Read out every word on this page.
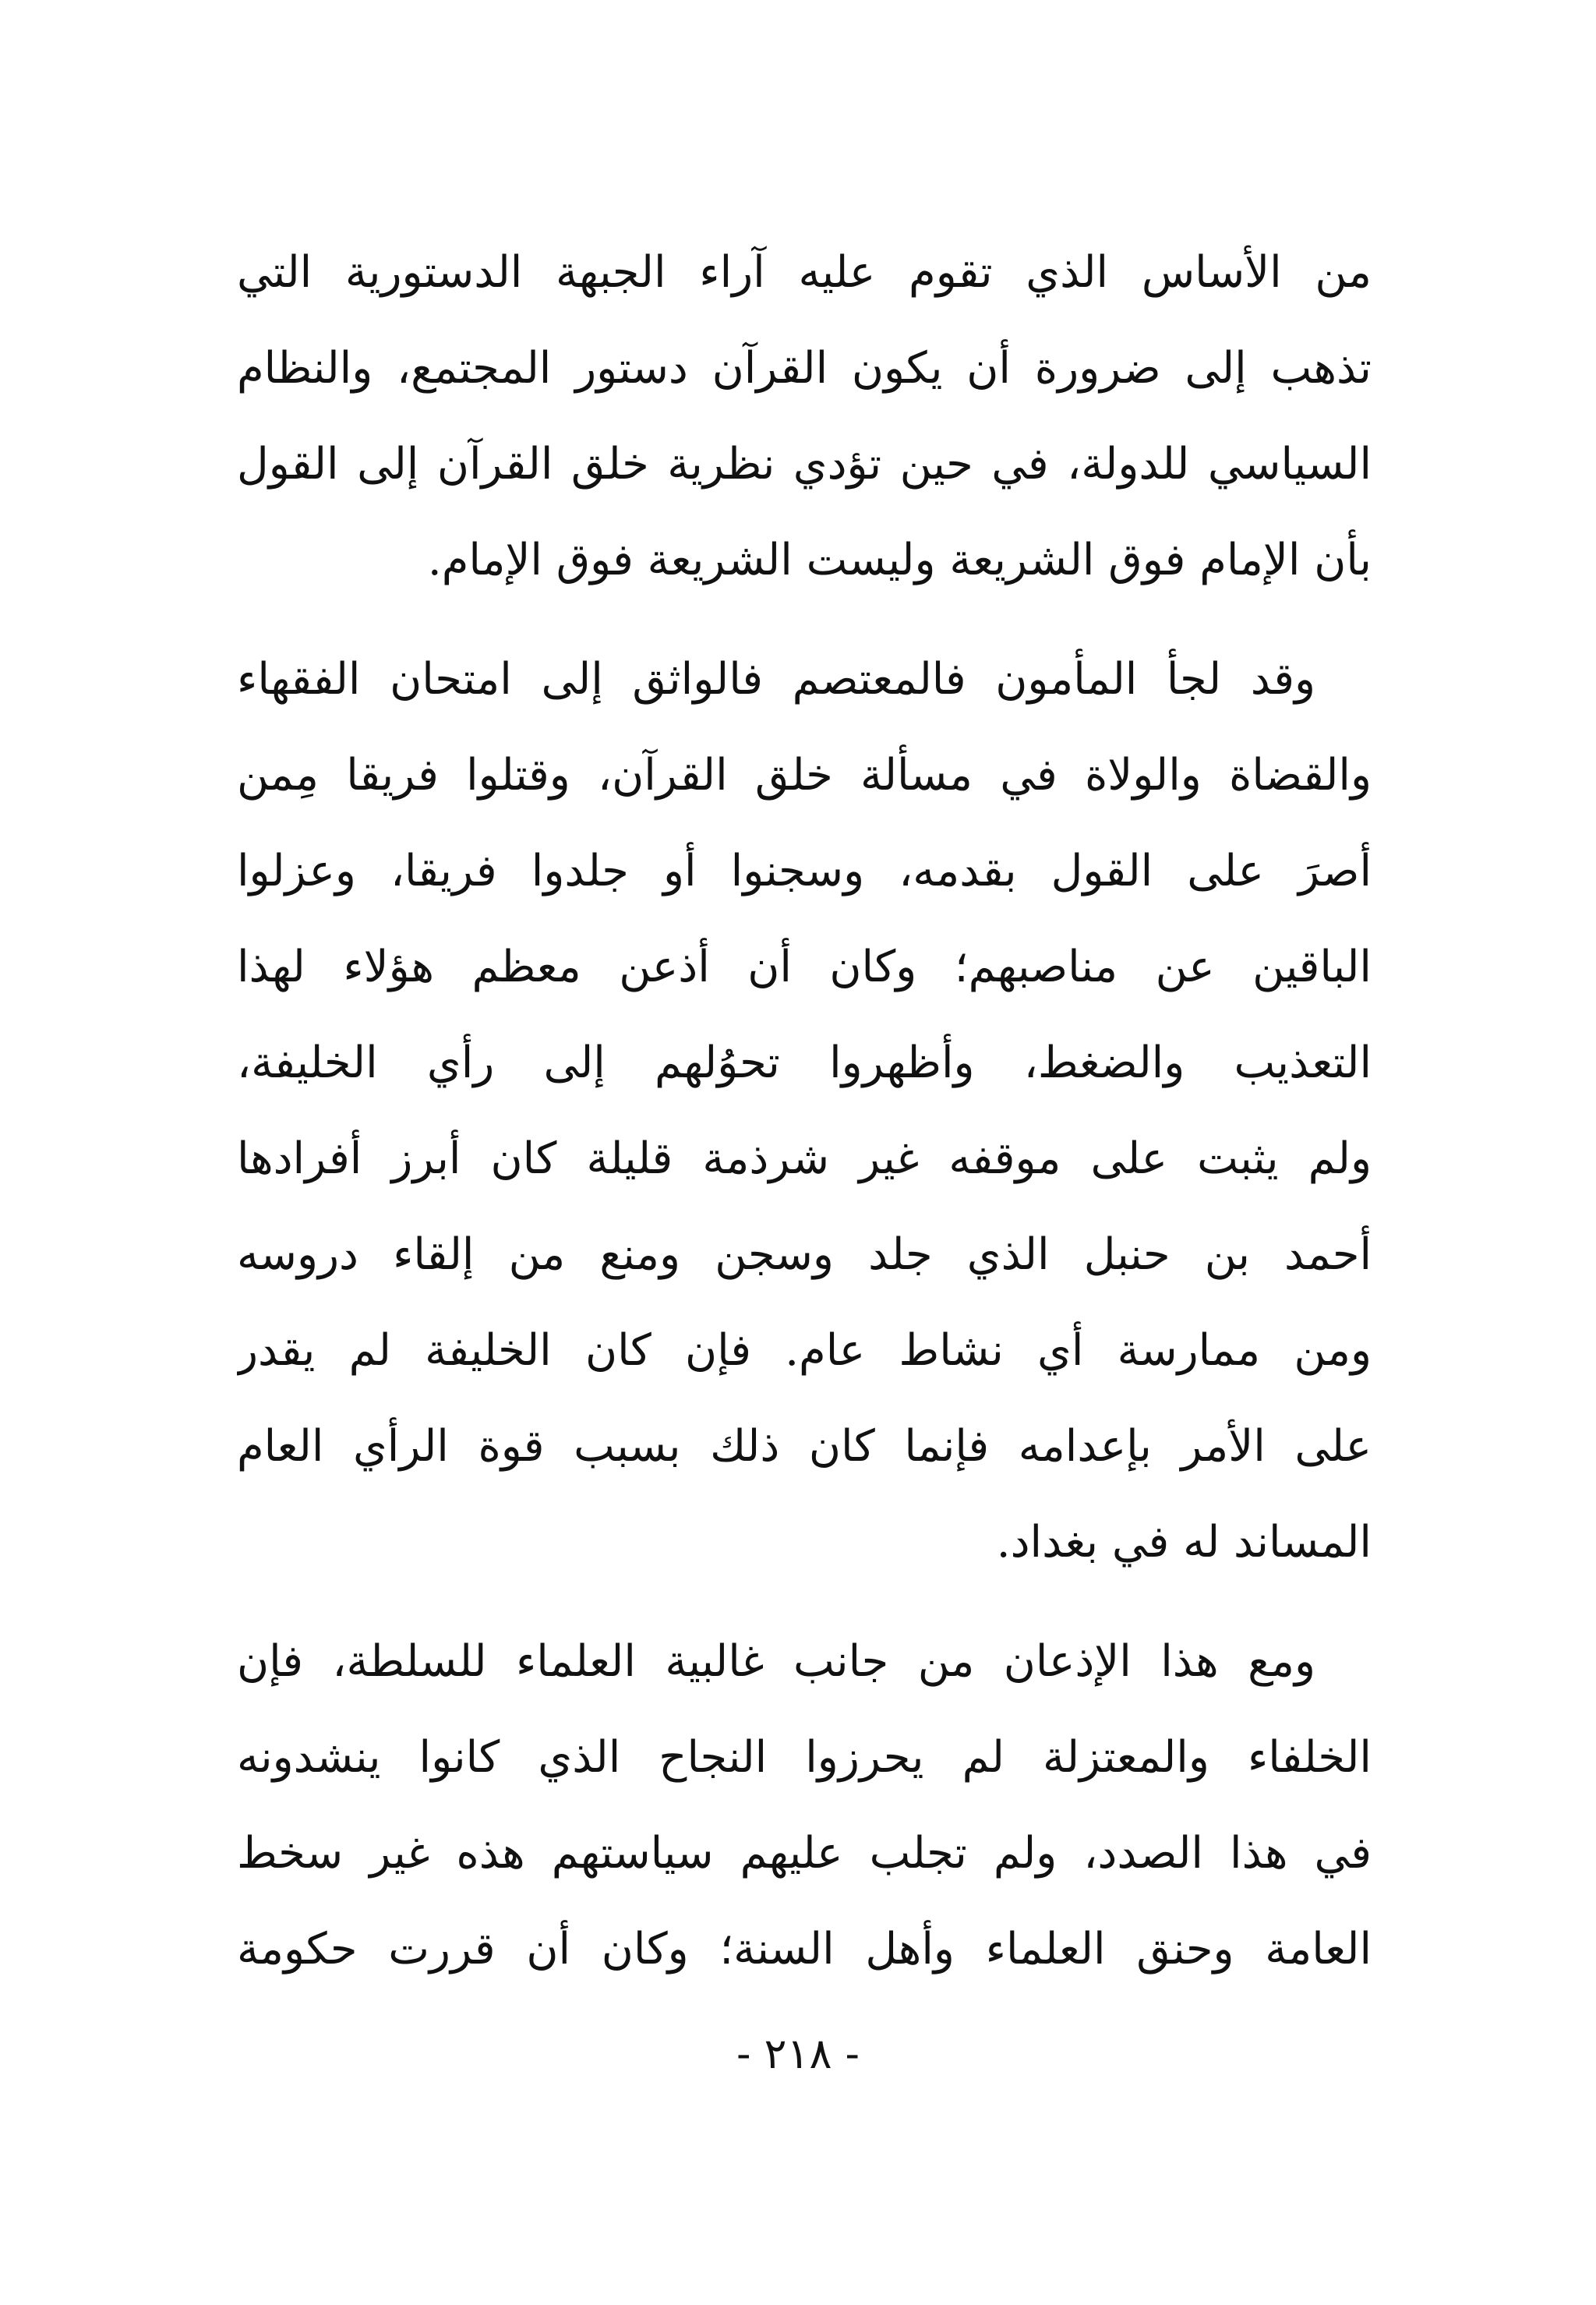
من الأساس الذي تقوم عليه آراء الجبهة الدستورية التي
تذهب إلى ضرورة أن يكون القرآن دستور المجتمع، والنظام
السياسي للدولة، في حين تؤدي نظرية خلق القرآن إلى القول
بأن الإمام فوق الشريعة وليست الشريعة فوق الإمام.
وقد لجأ المأمون فالمعتصم فالواثق إلى امتحان الفقهاء
والقضاة والولاة في مسألة خلق القرآن، وقتلوا فريقا مِمن
أصرَ على القول بقدمه، وسجنوا أو جلدوا فريقا، وعزلوا
الباقين عن مناصبهم؛ وكان أن أذعن معظم هؤلاء لهذا
التعذيب والضغط، وأظهروا تحوُلهم إلى رأي الخليفة،
ولم يثبت على موقفه غير شرذمة قليلة كان أبرز أفرادها
أحمد بن حنبل الذي جلد وسجن ومنع من إلقاء دروسه
ومن ممارسة أي نشاط عام. فإن كان الخليفة لم يقدر
على الأمر بإعدامه فإنما كان ذلك بسبب قوة الرأي العام
المساند له في بغداد.
ومع هذا الإذعان من جانب غالبية العلماء للسلطة، فإن
الخلفاء والمعتزلة لم يحرزوا النجاح الذي كانوا ينشدونه
في هذا الصدد، ولم تجلب عليهم سياستهم هذه غير سخط
العامة وحنق العلماء وأهل السنة؛ وكان أن قررت حكومة
- ٢١٨ -
